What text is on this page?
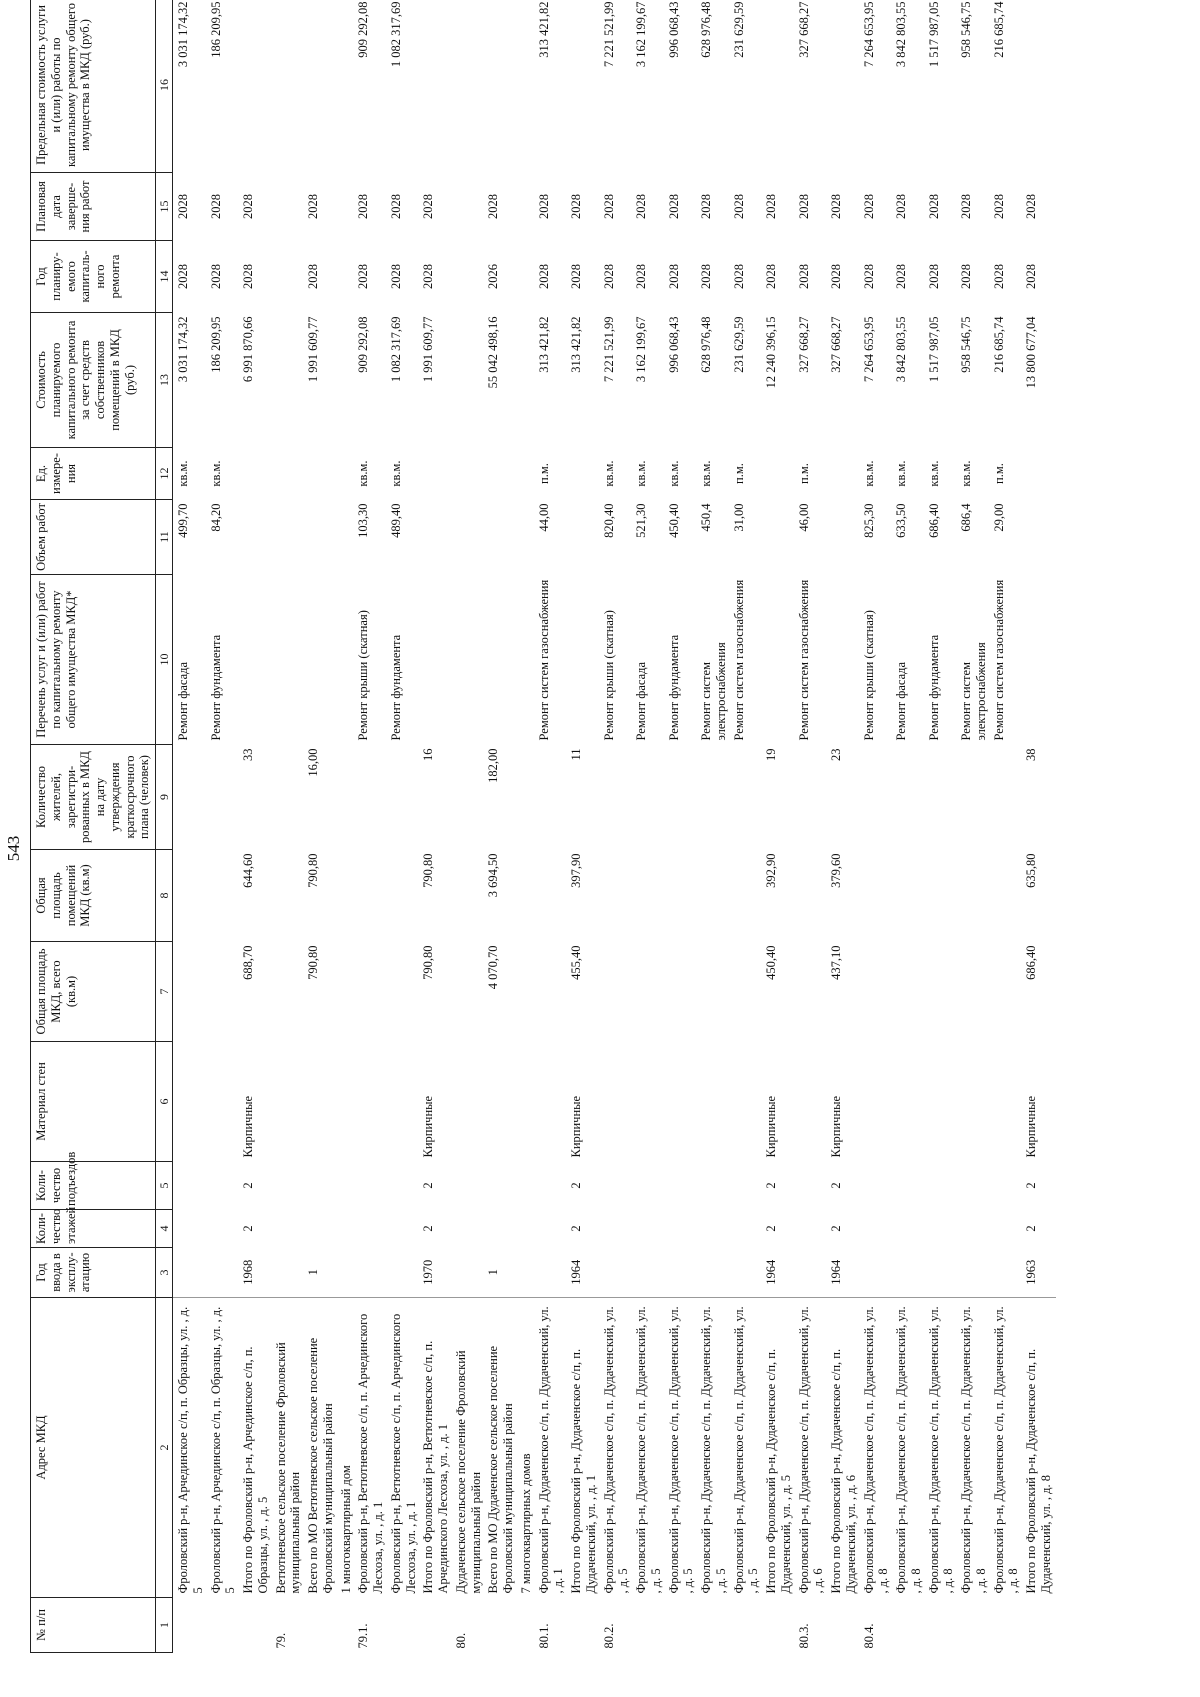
543
№ п/п	Адрес МКД	Год ввода в эксплу-атацию	Коли-чество этажей	Коли-чество подъездов	Материал стен	Общая площадь МКД, всего (кв.м)	Общая площадь помещений МКД (кв.м)	Количество жителей, зарегистри-рованных в МКД на дату утверждения краткосрочного плана (человек)	Перечень услуг и (или) работ по капитальному ремонту общего имущества МКД*	Объем работ	Ед. измере-ния	Стоимость планируемого капитального ремонта за счет средств собственников помещений в МКД (руб.)	Год планиру-емого капиталь-ного ремонта	Плановая дата заверше-ния работ	Предельная стоимость услуги и (или) работы по капитальному ремонту общего имущества в МКД (руб.)
1	2	3	4	5	6	7	8	9	10	11	12	13	14	15	16
	Фроловский р-н, Арчединское с/п, п. Образцы, ул. , д. 5								Ремонт фасада	499,70	кв.м.	3 031 174,32	2028	2028	3 031 174,32
	Фроловский р-н, Арчединское с/п, п. Образцы, ул. , д. 5								Ремонт фундамента	84,20	кв.м.	186 209,95	2028	2028	186 209,95
	Итого по Фроловский р-н, Арчединское с/п, п. Образцы, ул. , д. 5	1968	2	2	Кирпичные	688,70	644,60	33				6 991 870,66	2028	2028	
79.	Ветютневское сельское поселение Фроловский муниципальный район														
	Всего по МО Ветютневское сельское поселение Фроловский муниципальный район	1				790,80	790,80	16,00				1 991 609,77	2028	2028	
	1 многоквартирный дом														
79.1.	Фроловский р-н, Ветютневское с/п, п. Арчединского Лесхоза, ул. , д. 1								Ремонт крыши (скатная)	103,30	кв.м.	909 292,08	2028	2028	909 292,08
	Фроловский р-н, Ветютневское с/п, п. Арчединского Лесхоза, ул. , д. 1								Ремонт фундамента	489,40	кв.м.	1 082 317,69	2028	2028	1 082 317,69
	Итого по Фроловский р-н, Ветютневское с/п, п. Арчединского Лесхоза, ул. , д. 1	1970	2	2	Кирпичные	790,80	790,80	16				1 991 609,77	2028	2028	
80.	Дудаченское сельское поселение Фроловский муниципальный район														
	Всего по МО Дудаченское сельское поселение Фроловский муниципальный район	1				4 070,70	3 694,50	182,00				55 042 498,16	2026	2028	
	7 многоквартирных домов														
80.1.	Фроловский р-н, Дудаченское с/п, п. Дудаченский, ул. , д. 1								Ремонт систем газоснабжения	44,00	п.м.	313 421,82	2028	2028	313 421,82
	Итого по Фроловский р-н, Дудаченское с/п, п. Дудаченский, ул. , д. 1	1964	2	2	Кирпичные	455,40	397,90	11				313 421,82	2028	2028	
80.2.	Фроловский р-н, Дудаченское с/п, п. Дудаченский, ул. , д. 5								Ремонт крыши (скатная)	820,40	кв.м.	7 221 521,99	2028	2028	7 221 521,99
	Фроловский р-н, Дудаченское с/п, п. Дудаченский, ул. , д. 5								Ремонт фасада	521,30	кв.м.	3 162 199,67	2028	2028	3 162 199,67
	Фроловский р-н, Дудаченское с/п, п. Дудаченский, ул. , д. 5								Ремонт фундамента	450,40	кв.м.	996 068,43	2028	2028	996 068,43
	Фроловский р-н, Дудаченское с/п, п. Дудаченский, ул. , д. 5								Ремонт систем электроснабжения	450,4	кв.м.	628 976,48	2028	2028	628 976,48
	Фроловский р-н, Дудаченское с/п, п. Дудаченский, ул. , д. 5								Ремонт систем газоснабжения	31,00	п.м.	231 629,59	2028	2028	231 629,59
	Итого по Фроловский р-н, Дудаченское с/п, п. Дудаченский, ул. , д. 5	1964	2	2	Кирпичные	450,40	392,90	19				12 240 396,15	2028	2028	
80.3.	Фроловский р-н, Дудаченское с/п, п. Дудаченский, ул. , д. 6								Ремонт систем газоснабжения	46,00	п.м.	327 668,27	2028	2028	327 668,27
	Итого по Фроловский р-н, Дудаченское с/п, п. Дудаченский, ул. , д. 6	1964	2	2	Кирпичные	437,10	379,60	23				327 668,27	2028	2028	
80.4.	Фроловский р-н, Дудаченское с/п, п. Дудаченский, ул. , д. 8								Ремонт крыши (скатная)	825,30	кв.м.	7 264 653,95	2028	2028	7 264 653,95
	Фроловский р-н, Дудаченское с/п, п. Дудаченский, ул. , д. 8								Ремонт фасада	633,50	кв.м.	3 842 803,55	2028	2028	3 842 803,55
	Фроловский р-н, Дудаченское с/п, п. Дудаченский, ул. , д. 8								Ремонт фундамента	686,40	кв.м.	1 517 987,05	2028	2028	1 517 987,05
	Фроловский р-н, Дудаченское с/п, п. Дудаченский, ул. , д. 8								Ремонт систем электроснабжения	686,4	кв.м.	958 546,75	2028	2028	958 546,75
	Фроловский р-н, Дудаченское с/п, п. Дудаченский, ул. , д. 8								Ремонт систем газоснабжения	29,00	п.м.	216 685,74	2028	2028	216 685,74
	Итого по Фроловский р-н, Дудаченское с/п, п. Дудаченский, ул. , д. 8	1963	2	2	Кирпичные	686,40	635,80	38				13 800 677,04	2028	2028	
